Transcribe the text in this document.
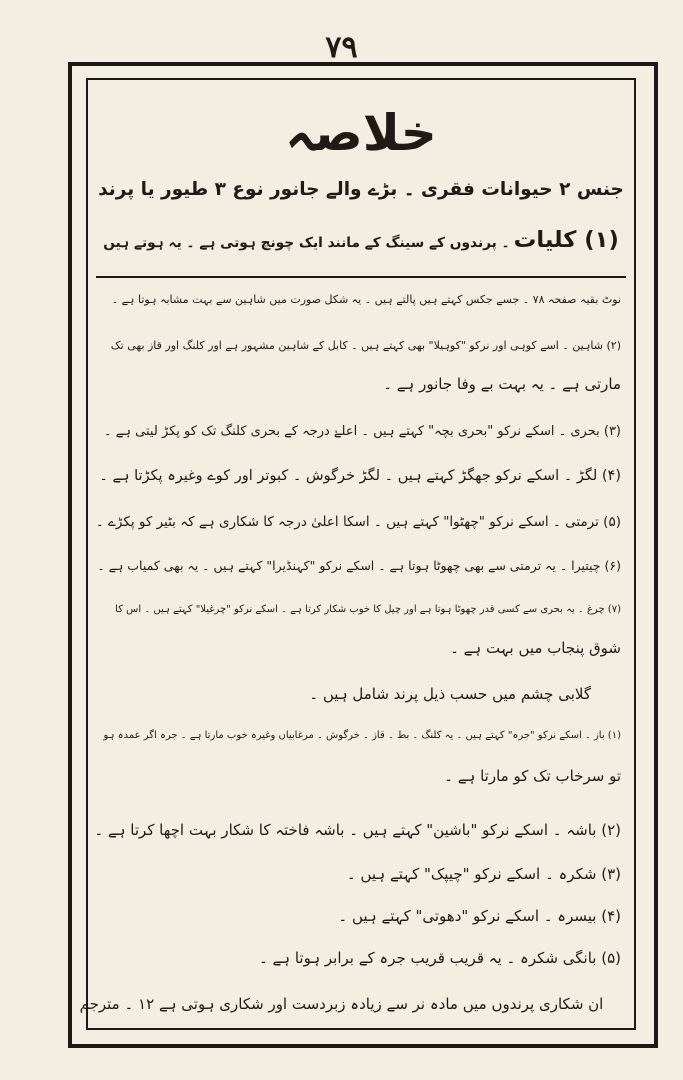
۷۹
خلاصہ
جنس ۲ حیوانات فقری ۔ بڑے والے جانور نوع ۳ طیور یا پرند
(۱) کلیات ۔ پرندوں کے سینگ کے مانند ایک چونچ ہوتی ہے ۔ یہ ہوتے ہیں
نوٹ بقیہ صفحہ ۷۸ ۔ جسے جکس کہتے ہیں پالتے ہیں ۔ یہ شکل صورت میں شاہین سے بہت مشابہ ہوتا ہے ۔
(۲) شاہین ۔ اسے کوہی اور نرکو "کوہیلا" بھی کہتے ہیں ۔ کابل کے شاہین مشہور ہے اور کلنگ اور قاز بھی تک
مارتی ہے ۔ یہ بہت بے وفا جانور ہے ۔
(۳) بحری ۔ اسکے نرکو "بحری بچہ" کہتے ہیں ۔ اعلےٰ درجہ کے بحری کلنگ تک کو پکڑ لیتی ہے ۔
(۴) لگڑ ۔ اسکے نرکو جھگڑ کہتے ہیں ۔ لگڑ خرگوش ۔ کبوتر اور کوے وغیرہ پکڑتا ہے ۔
(۵) ترمتی ۔ اسکے نرکو "چھٹوا" کہتے ہیں ۔ اسکا اعلیٰ درجہ کا شکاری ہے کہ بٹیر کو پکڑے ۔
(۶) چیتیرا ۔ یہ ترمتی سے بھی چھوٹا ہوتا ہے ۔ اسکے نرکو "کہنڈیرا" کہتے ہیں ۔ یہ بھی کمیاب ہے ۔
(۷) چرغ ۔ یہ بحری سے کسی قدر چھوٹا ہوتا ہے اور چیل کا خوب شکار کرتا ہے ۔ اسکے نرکو "چرغیلا" کہتے ہیں ۔ اس کا
شوق پنجاب میں بہت ہے ۔
گلابی چشم میں حسب ذیل پرند شامل ہیں ۔
(۱) باز ۔ اسکے نرکو "جرہ" کہتے ہیں ۔ یہ کلنگ ۔ بط ۔ قاز ۔ خرگوش ۔ مرغابیاں وغیرہ خوب مارتا ہے ۔ جرہ اگر عمدہ ہو
تو سرخاب تک کو مارتا ہے ۔
(۲) باشہ ۔ اسکے نرکو "باشین" کہتے ہیں ۔ باشہ فاختہ کا شکار بہت اچھا کرتا ہے ۔
(۳) شکرہ ۔ اسکے نرکو "چیپک" کہتے ہیں ۔
(۴) بیسرہ ۔ اسکے نرکو "دھوتی" کہتے ہیں ۔
(۵) بانگی شکرہ ۔ یہ قریب قریب جرہ کے برابر ہوتا ہے ۔
ان شکاری پرندوں میں مادہ نر سے زیادہ زبردست اور شکاری ہوتی ہے ۱۲ ۔ مترجم
